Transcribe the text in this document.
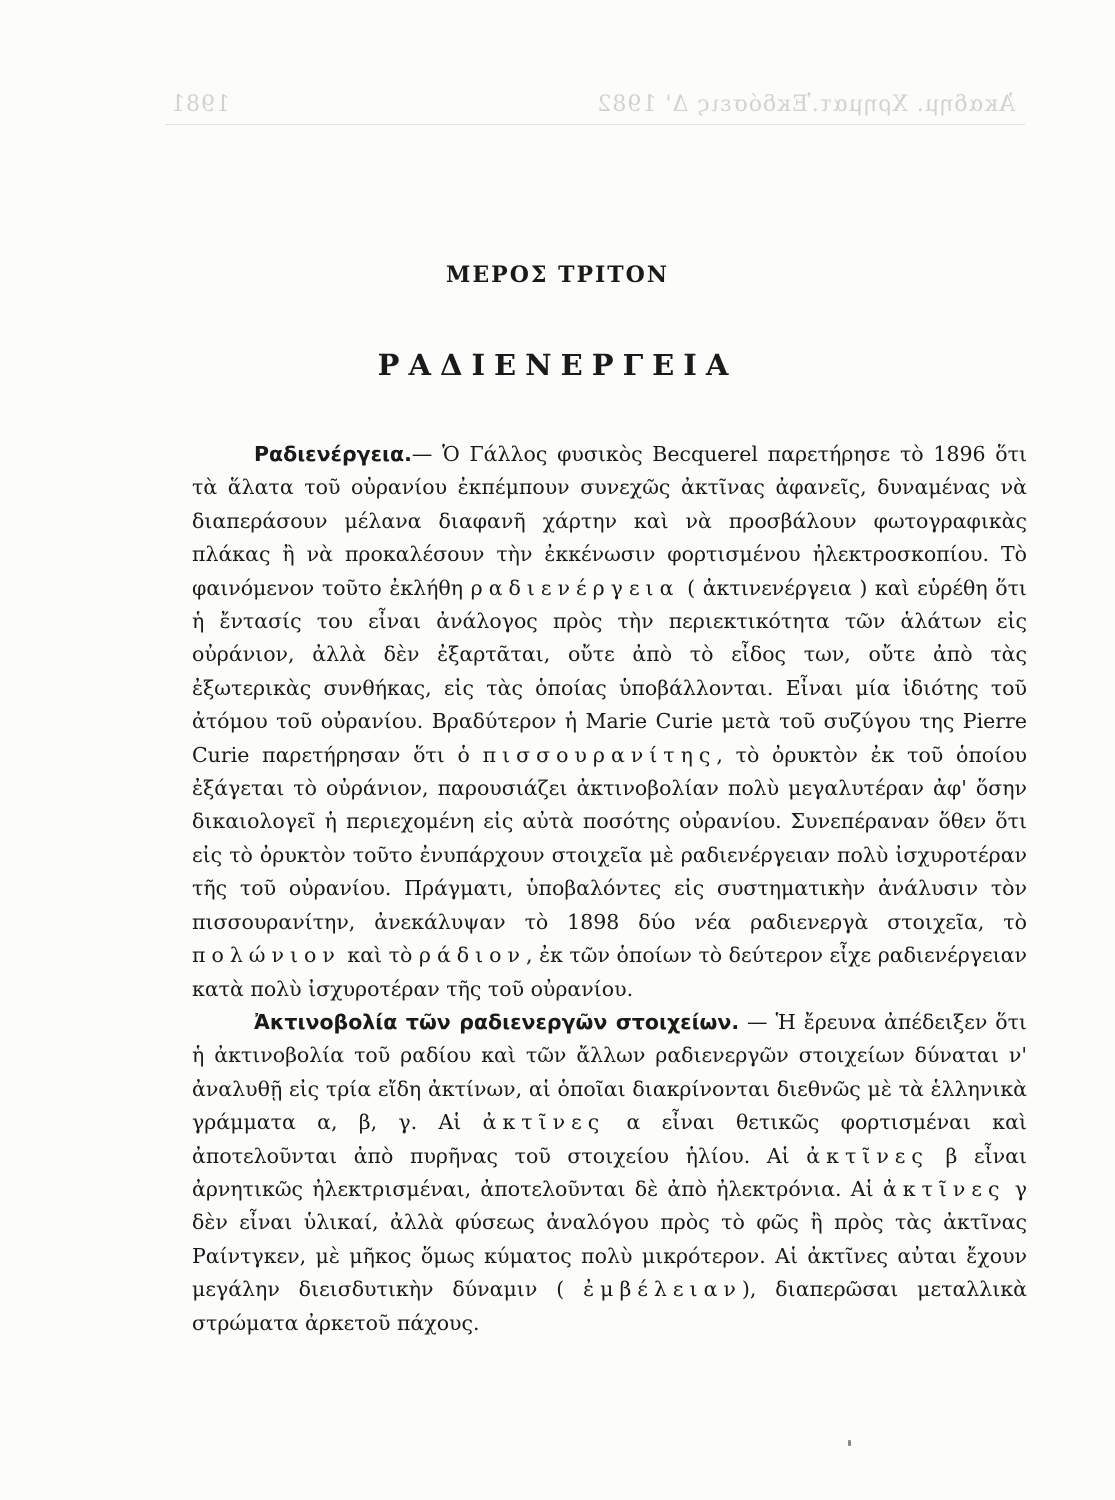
Ἀκαδημ. Χρηματ.Ἐκδόσεις Δ' 1982
1981
ΜΕΡΟΣ ΤΡΙΤΟΝ
ΡΑΔΙΕΝΕΡΓΕΙΑ

Ραδιενέργεια.— Ὁ Γάλλος φυσικὸς Becquerel παρετήρησε τὸ 1896 ὅτι τὰ ἅλατα τοῦ οὐρανίου ἐκπέμπουν συνεχῶς ἀκτῖνας ἀφανεῖς, δυναμένας νὰ διαπεράσουν μέλανα διαφανῆ χάρτην καὶ νὰ προσβάλουν φωτογραφικὰς πλάκας ἢ νὰ προκαλέσουν τὴν ἐκκένωσιν φορτισμένου ἠλεκτροσκοπίου. Τὸ φαινόμενον τοῦτο ἐκλήθη ραδιενέργεια ( ἀκτινενέργεια ) καὶ εὑρέθη ὅτι ἡ ἔντασίς του εἶναι ἀνάλογος πρὸς τὴν περιεκτικότητα τῶν ἁλάτων εἰς οὐράνιον, ἀλλὰ δὲν ἐξαρτᾶται, οὔτε ἀπὸ τὸ εἶδος των, οὔτε ἀπὸ τὰς ἐξωτερικὰς συνθήκας, εἰς τὰς ὁποίας ὑποβάλλονται. Εἶναι μία ἰδιότης τοῦ ἀτόμου τοῦ οὐρανίου. Βραδύτερον ἡ Marie Curie μετὰ τοῦ συζύγου της Pierre Curie παρετήρησαν ὅτι ὁ πισσουρανίτης, τὸ ὀρυκτὸν ἐκ τοῦ ὁποίου ἐξάγεται τὸ οὐράνιον, παρουσιάζει ἀκτινοβολίαν πολὺ μεγαλυτέραν ἀφ' ὅσην δικαιολογεῖ ἡ περιεχομένη εἰς αὐτὰ ποσότης οὐρανίου. Συνεπέραναν ὅθεν ὅτι εἰς τὸ ὀρυκτὸν τοῦτο ἐνυπάρχουν στοιχεῖα μὲ ραδιενέργειαν πολὺ ἰσχυροτέραν τῆς τοῦ οὐρανίου. Πράγματι, ὑποβαλόντες εἰς συστηματικὴν ἀνάλυσιν τὸν πισσουρανίτην, ἀνεκάλυψαν τὸ 1898 δύο νέα ραδιενεργὰ στοιχεῖα, τὸ πολώνιον καὶ τὸ ράδιον, ἐκ τῶν ὁποίων τὸ δεύτερον εἶχε ραδιενέργειαν κατὰ πολὺ ἰσχυροτέραν τῆς τοῦ οὐρανίου.

Ἀκτινοβολία τῶν ραδιενεργῶν στοιχείων. — Ἡ ἔρευνα ἀπέδειξεν ὅτι ἡ ἀκτινοβολία τοῦ ραδίου καὶ τῶν ἄλλων ραδιενεργῶν στοιχείων δύναται ν' ἀναλυθῇ εἰς τρία εἴδη ἀκτίνων, αἱ ὁποῖαι διακρίνονται διεθνῶς μὲ τὰ ἑλληνικὰ γράμματα α, β, γ. Αἱ ἀκτῖνες α εἶναι θετικῶς φορτισμέναι καὶ ἀποτελοῦνται ἀπὸ πυρῆνας τοῦ στοιχείου ἡλίου. Αἱ ἀκτῖνες β εἶναι ἀρνητικῶς ἠλεκτρισμέναι, ἀποτελοῦνται δὲ ἀπὸ ἠλεκτρόνια. Αἱ ἀκτῖνες γ δὲν εἶναι ὑλικαί, ἀλλὰ φύσεως ἀναλόγου πρὸς τὸ φῶς ἢ πρὸς τὰς ἀκτῖνας Ραίντγκεν, μὲ μῆκος ὅμως κύματος πολὺ μικρότερον. Αἱ ἀκτῖνες αὐται ἔχουν μεγάλην διεισδυτικὴν δύναμιν ( ἐμβέλειαν), διαπερῶσαι μεταλλικὰ στρώματα ἀρκετοῦ πάχους.
